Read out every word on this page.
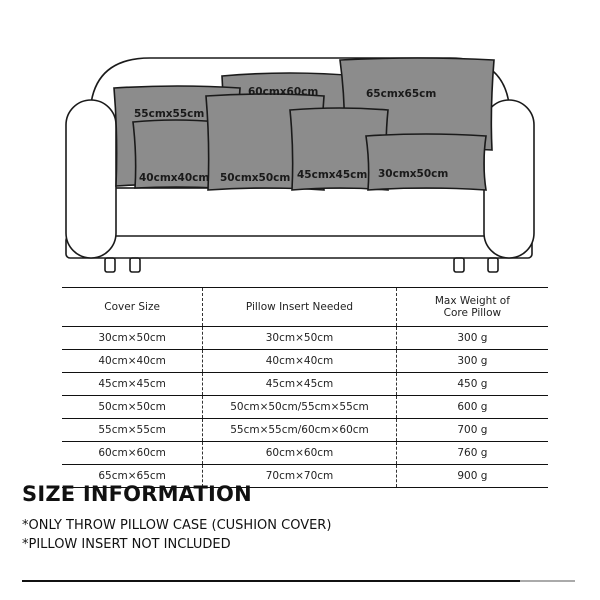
60cmx60cm	65cmx65cm
55cmx55cm
40cmx40cm 50cmx50cm 45cmx45cm 30cmx50cm
Cover Size	Pillow Insert Needed	Max Weight of
Core Pillow
30cm×50cm	30cm×50cm	300 g
40cm×40cm	40cm×40cm	300 g
45cm×45cm	45cm×45cm	450 g
50cm×50cm	50cm×50cm/55cm×55cm	600 g
55cm×55cm	55cm×55cm/60cm×60cm	700 g
60cm×60cm	60cm×60cm	760 g
65cm×65cm	70cm×70cm	900 g
SIZE INFORMATION

*ONLY THROW PILLOW CASE (CUSHION COVER)

*PILLOW INSERT NOT INCLUDED
